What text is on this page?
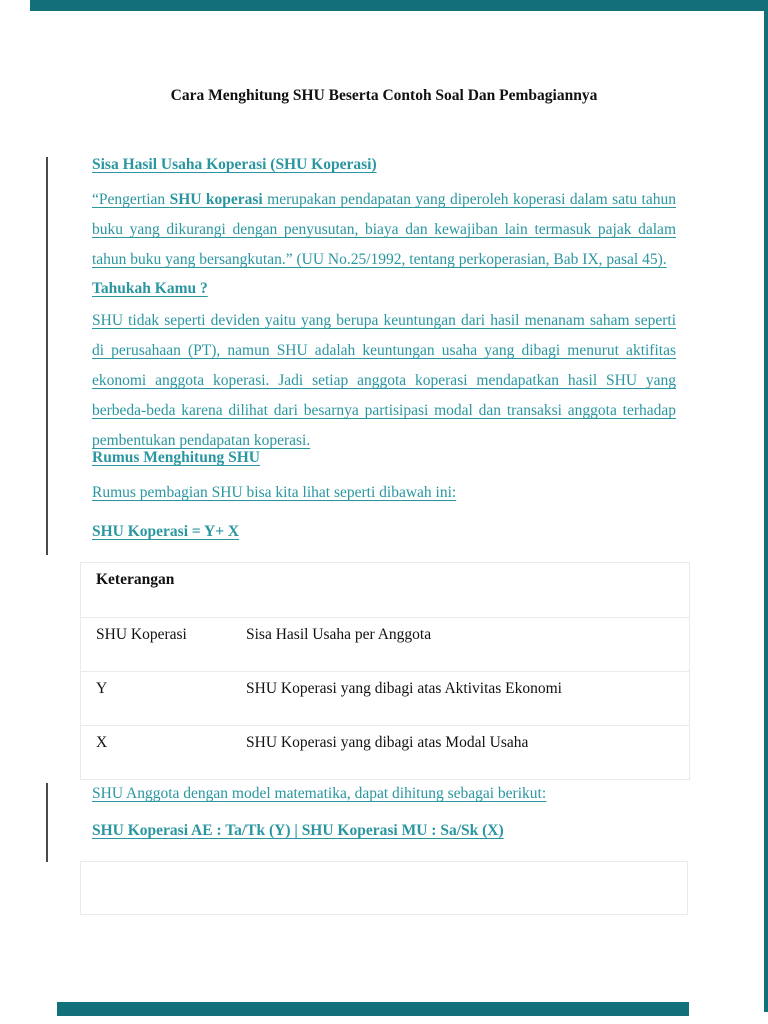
Cara Menghitung SHU Beserta Contoh Soal Dan Pembagiannya
Sisa Hasil Usaha Koperasi (SHU Koperasi)
“Pengertian SHU koperasi merupakan pendapatan yang diperoleh koperasi dalam satu tahun buku yang dikurangi dengan penyusutan, biaya dan kewajiban lain termasuk pajak dalam tahun buku yang bersangkutan.” (UU No.25/1992, tentang perkoperasian, Bab IX, pasal 45).
Tahukah Kamu ?
SHU tidak seperti deviden yaitu yang berupa keuntungan dari hasil menanam saham seperti di perusahaan (PT), namun SHU adalah keuntungan usaha yang dibagi menurut aktifitas ekonomi anggota koperasi. Jadi setiap anggota koperasi mendapatkan hasil SHU yang berbeda-beda karena dilihat dari besarnya partisipasi modal dan transaksi anggota terhadap pembentukan pendapatan koperasi.
Rumus Menghitung SHU
Rumus pembagian SHU bisa kita lihat seperti dibawah ini:
SHU Koperasi = Y+ X
Keterangan
SHU Koperasi	Sisa Hasil Usaha per Anggota
Y	SHU Koperasi yang dibagi atas Aktivitas Ekonomi
X	SHU Koperasi yang dibagi atas Modal Usaha
SHU Anggota dengan model matematika, dapat dihitung sebagai berikut:
SHU Koperasi AE : Ta/Tk (Y) | SHU Koperasi MU : Sa/Sk (X)
